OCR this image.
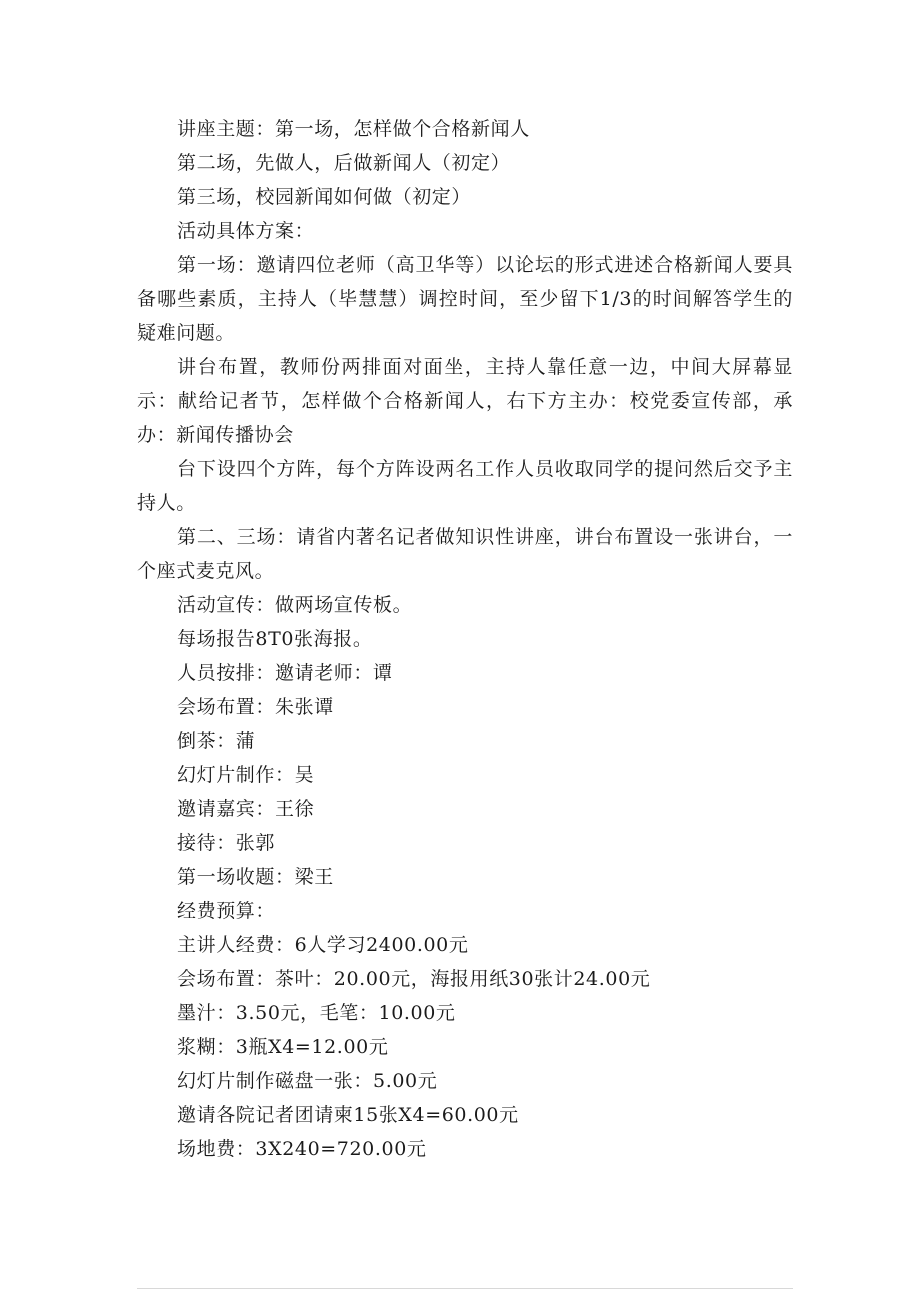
讲座主题：第一场，怎样做个合格新闻人

第二场，先做人，后做新闻人（初定）

第三场，校园新闻如何做（初定）

活动具体方案：

第一场：邀请四位老师（高卫华等）以论坛的形式进述合格新闻人要具备哪些素质，主持人（毕慧慧）调控时间，至少留下1/3的时间解答学生的疑难问题。

讲台布置，教师份两排面对面坐，主持人靠任意一边，中间大屏幕显示：献给记者节，怎样做个合格新闻人，右下方主办：校党委宣传部，承办：新闻传播协会

台下设四个方阵，每个方阵设两名工作人员收取同学的提问然后交予主持人。

第二、三场：请省内著名记者做知识性讲座，讲台布置设一张讲台，一个座式麦克风。

活动宣传：做两场宣传板。

每场报告8T0张海报。

人员按排：邀请老师：谭

会场布置：朱张谭

倒茶：蒲

幻灯片制作：吴

邀请嘉宾：王徐

接待：张郭

第一场收题：梁王

经费预算：

主讲人经费：6人学习2400.00元

会场布置：茶叶：20.00元，海报用纸30张计24.00元

墨汁：3.50元，毛笔：10.00元

浆糊：3瓶X4=12.00元

幻灯片制作磁盘一张：5.00元

邀请各院记者团请柬15张X4=60.00元

场地费：3X240=720.00元
